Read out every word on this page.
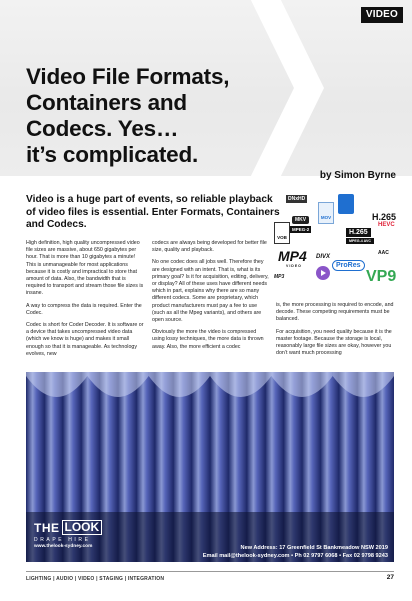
VIDEO
Video File Formats,
Containers and
Codecs. Yes…
it’s complicated.
by Simon Byrne
Video is a huge part of events, so reliable playback of video files is essential. Enter Formats, Containers and Codecs.

High definition, high quality uncompressed video file sizes are massive, about 650 gigabytes per hour. That is more than 10 gigabytes a minute! This is unmanageable for most applications because it is costly and impractical to store that amount of data. Also, the bandwidth that is required to transport and stream those file sizes is insane.

A way to compress the data is required. Enter the Codec.

Codec is short for Coder Decoder. It is software or a device that takes uncompressed video data (which we know is huge) and makes it small enough so that it is manageable. As technology evolves, new

codecs are always being developed for better file size, quality and playback.

No one codec does all jobs well. Therefore they are designed with an intent. That is, what is its primary goal? Is it for acquisition, editing, delivery, or display? All of these uses have different needs which in part, explains why there are so many different codecs. Some are proprietary, which product manufacturers must pay a fee to use (such as all the Mpeg variants), and others are open source.

Obviously the more the video is compressed using lossy techniques, the more data is thrown away. Also, the more efficient a codec

is, the more processing is required to encode, and decode. These competing requirements must be balanced.

For acquisition, you need quality because it is the master footage. Because the storage is local, reasonably large file sizes are okay, however you don’t want much processing

DNxHD
MOV	H.265
HEVC
MKV
MPEG-2
VOB
H.265
MPEG-4 AVC
MP4 DIVX
VIDEO	ProRes
AAC
MP3	VP9
THE LOOK
DRAPE HIRE
www.thelook-sydney.com	New Address: 17 Greenfield St Bankmeadow NSW 2019
Email mail@thelook-sydney.com • Ph 02 9797 6068 • Fax 02 9798 9243
LIGHTING | AUDIO | VIDEO | STAGING | INTEGRATION	27
